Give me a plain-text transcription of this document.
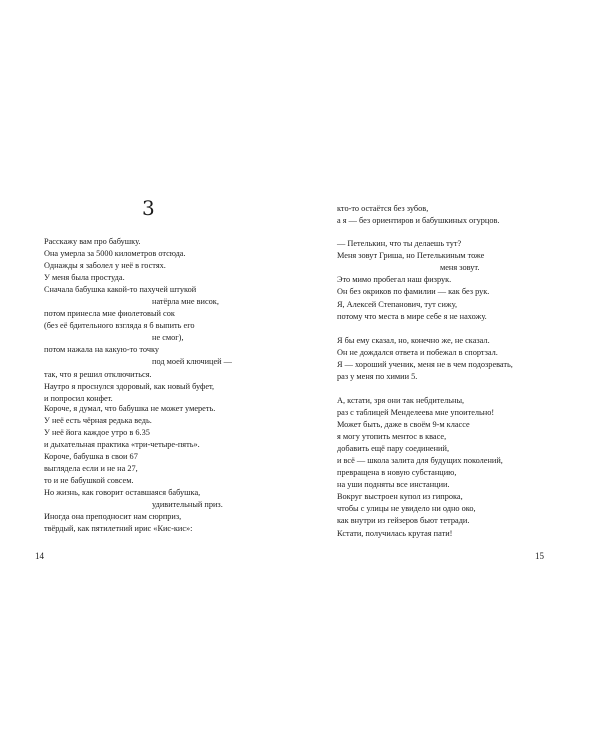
3
Расскажу вам про бабушку.
Она умерла за 5000 километров отсюда.
Однажды я заболел у неё в гостях.
У меня была простуда.
Сначала бабушка какой-то пахучей штукой
натёрла мне висок,
потом принесла мне фиолетовый сок
(без её бдительного взгляда я б выпить его
не смог),
потом нажала на какую-то точку
под моей ключицей —
так, что я решил отключиться.
Наутро я проснулся здоровый, как новый буфет,
и попросил конфет.
Короче, я думал, что бабушка не может умереть.
У неё есть чёрная редька ведь.
У неё йога каждое утро в 6.35
и дыхательная практика «три-четыре-пять».
Короче, бабушка в свои 67
выглядела если и не на 27,
то и не бабушкой совсем.
Но жизнь, как говорит оставшаяся бабушка,
удивительный приз.
Иногда она преподносит нам сюрприз,
твёрдый, как пятилетний ирис «Кис-кис»:
14
кто-то остаётся без зубов,
а я — без ориентиров и бабушкиных огурцов.
— Петелькин, что ты делаешь тут?
Меня зовут Гриша, но Петелькиным тоже
меня зовут.
Это мимо пробегал наш физрук.
Он без окриков по фамилии — как без рук.
Я, Алексей Степанович, тут сижу,
потому что места в мире себе я не нахожу.
Я бы ему сказал, но, конечно же, не сказал.
Он не дождался ответа и побежал в спортзал.
Я — хороший ученик, меня не в чем подозревать,
раз у меня по химии 5.
А, кстати, зря они так небдительны,
раз с таблицей Менделеева мне упоительно!
Может быть, даже в своём 9-м классе
я могу утопить ментос в квасе,
добавить ещё пару соединений,
и всё — школа залита для будущих поколений,
превращена в новую субстанцию,
на уши подняты все инстанции.
Вокруг выстроен купол из гипрока,
чтобы с улицы не увидело ни одно око,
как внутри из гейзеров бьют тетради.
Кстати, получилась крутая пати!
15
